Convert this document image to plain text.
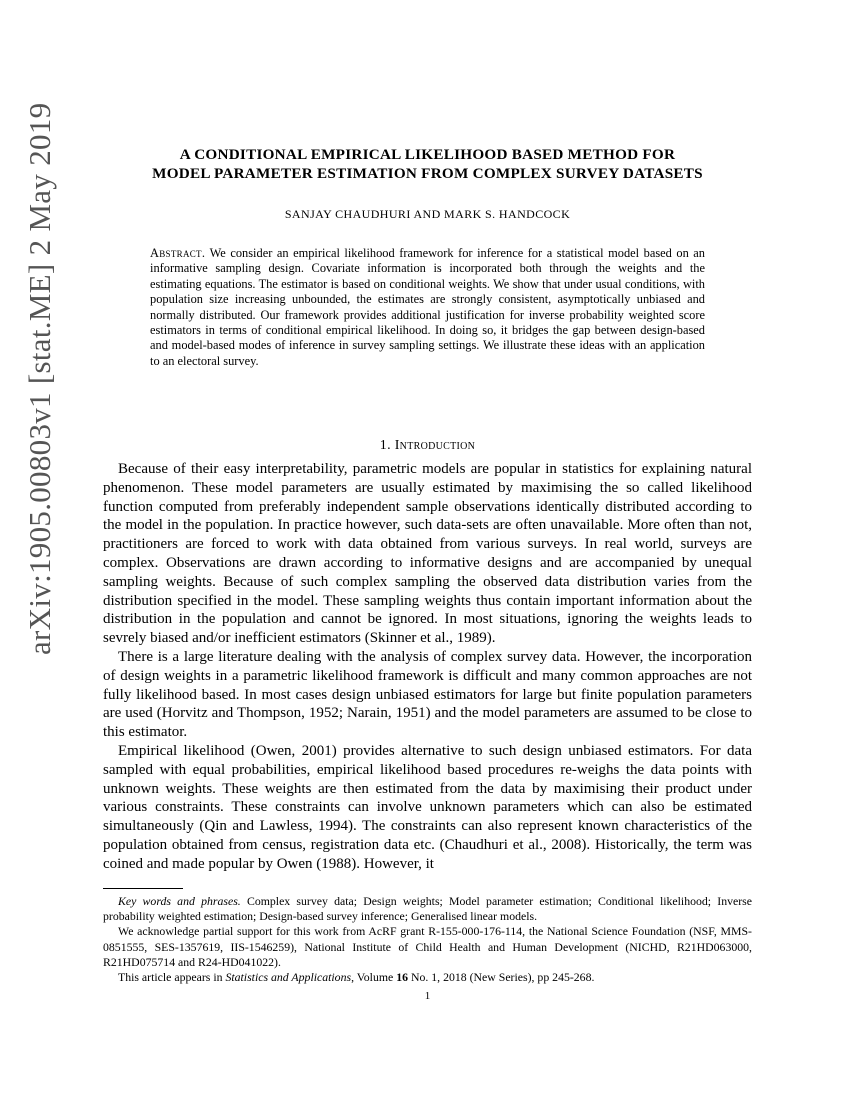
arXiv:1905.00803v1 [stat.ME] 2 May 2019	A CONDITIONAL EMPIRICAL LIKELIHOOD BASED METHOD FOR
MODEL PARAMETER ESTIMATION FROM COMPLEX SURVEY DATASETS
SANJAY CHAUDHURI AND MARK S. HANDCOCK
Abstract. We consider an empirical likelihood framework for inference for a statistical model based on an informative sampling design. Covariate information is incorporated both through the weights and the estimating equations. The estimator is based on conditional weights. We show that under usual conditions, with population size increasing unbounded, the estimates are strongly consistent, asymptotically unbiased and normally distributed. Our framework provides additional justification for inverse probability weighted score estimators in terms of conditional empirical likelihood. In doing so, it bridges the gap between design-based and model-based modes of inference in survey sampling settings. We illustrate these ideas with an application to an electoral survey.
1. Introduction

Because of their easy interpretability, parametric models are popular in statistics for explaining natural phenomenon. These model parameters are usually estimated by maximising the so called likelihood function computed from preferably independent sample observations identically distributed according to the model in the population. In practice however, such data-sets are often unavailable. More often than not, practitioners are forced to work with data obtained from various surveys. In real world, surveys are complex. Observations are drawn according to informative designs and are accompanied by unequal sampling weights. Because of such complex sampling the observed data distribution varies from the distribution specified in the model. These sampling weights thus contain important information about the distribution in the population and cannot be ignored. In most situations, ignoring the weights leads to sevrely biased and/or inefficient estimators (Skinner et al., 1989).

There is a large literature dealing with the analysis of complex survey data. However, the incorporation of design weights in a parametric likelihood framework is difficult and many common approaches are not fully likelihood based. In most cases design unbiased estimators for large but finite population parameters are used (Horvitz and Thompson, 1952; Narain, 1951) and the model parameters are assumed to be close to this estimator.

Empirical likelihood (Owen, 2001) provides alternative to such design unbiased estimators. For data sampled with equal probabilities, empirical likelihood based procedures re-weighs the data points with unknown weights. These weights are then estimated from the data by maximising their product under various constraints. These constraints can involve unknown parameters which can also be estimated simultaneously (Qin and Lawless, 1994). The constraints can also represent known characteristics of the population obtained from census, registration data etc. (Chaudhuri et al., 2008). Historically, the term was coined and made popular by Owen (1988). However, it

Key words and phrases. Complex survey data; Design weights; Model parameter estimation; Conditional likelihood; Inverse probability weighted estimation; Design-based survey inference; Generalised linear models.

We acknowledge partial support for this work from AcRF grant R-155-000-176-114, the National Science Foundation (NSF, MMS-0851555, SES-1357619, IIS-1546259), National Institute of Child Health and Human Development (NICHD, R21HD063000, R21HD075714 and R24-HD041022).

This article appears in Statistics and Applications, Volume 16 No. 1, 2018 (New Series), pp 245-268.

1
